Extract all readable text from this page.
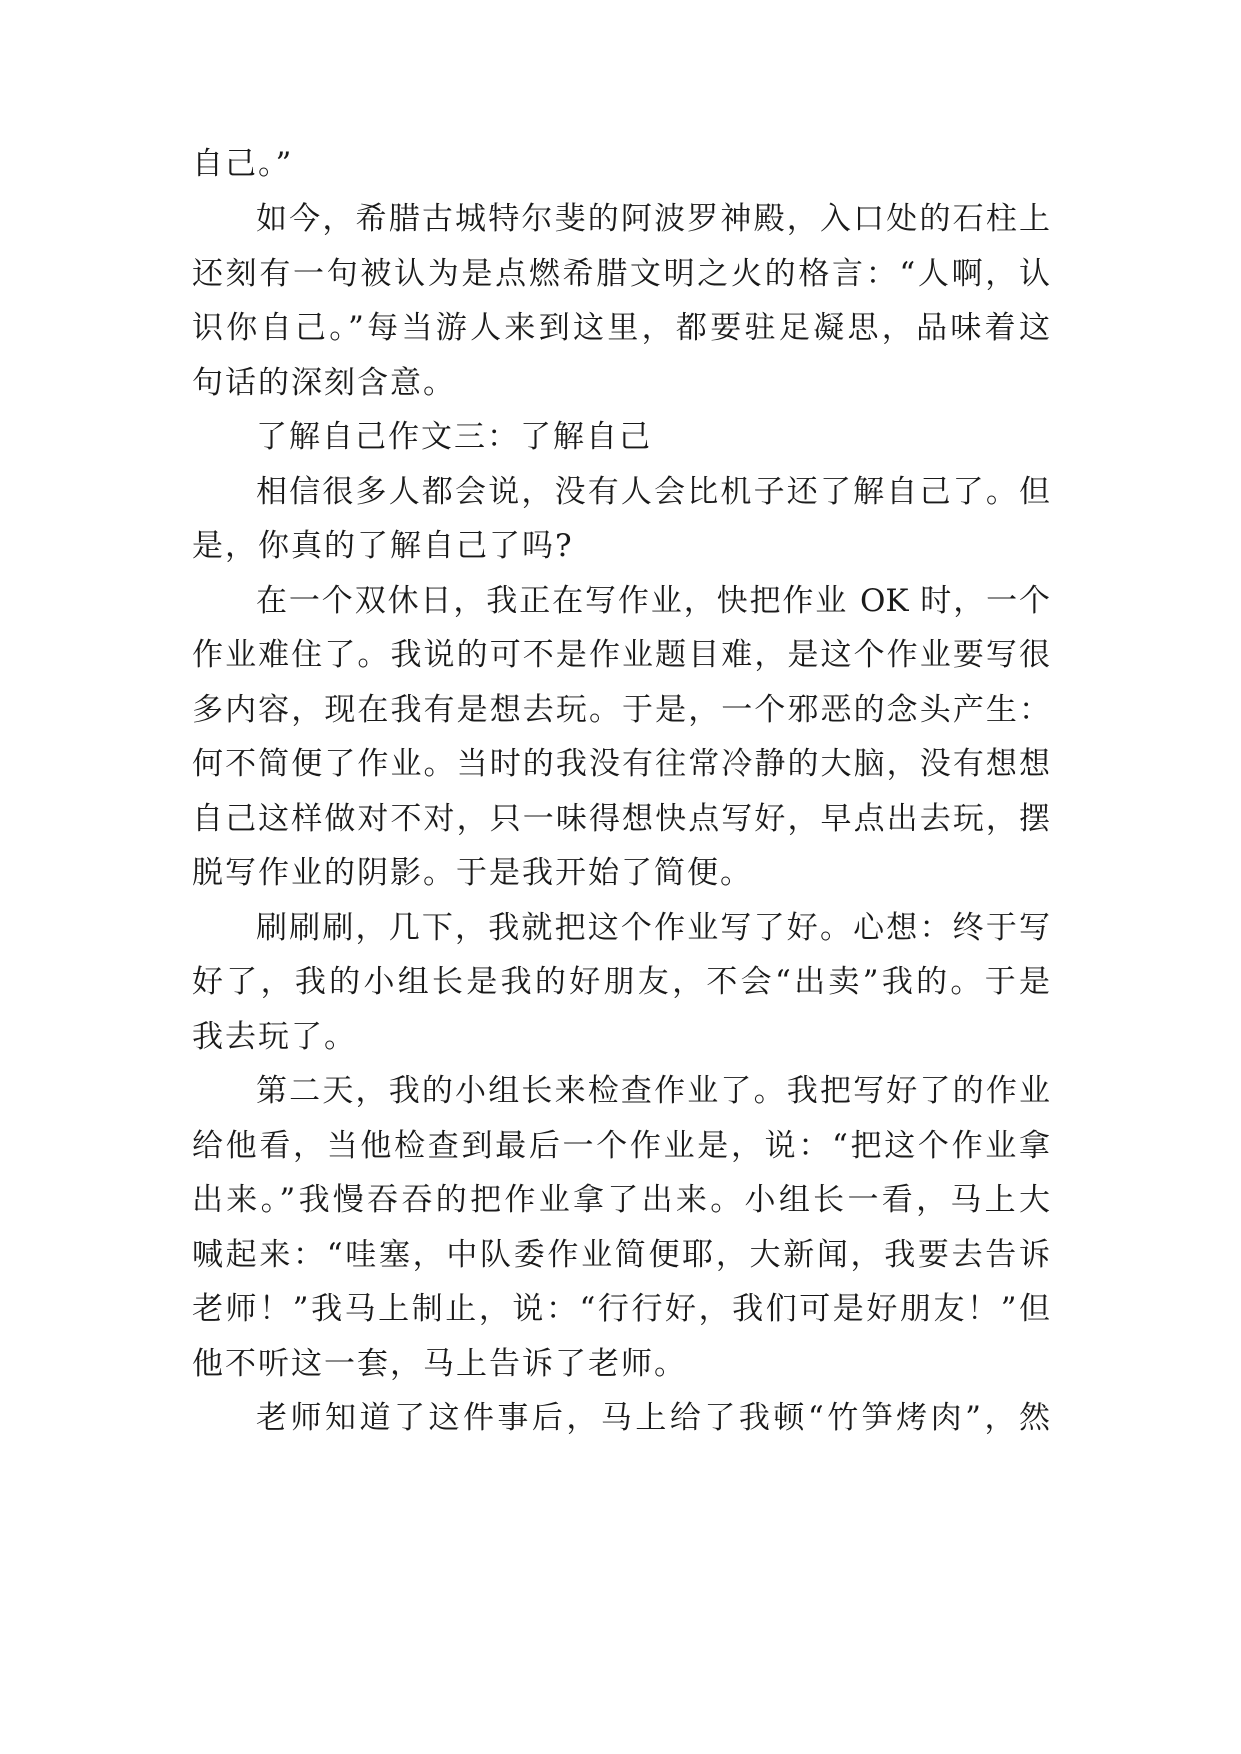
自己。”

如今，希腊古城特尔斐的阿波罗神殿，入口处的石柱上

还刻有一句被认为是点燃希腊文明之火的格言：“人啊，认

识你自己。”每当游人来到这里，都要驻足凝思，品味着这

句话的深刻含意。

了解自己作文三：了解自己

相信很多人都会说，没有人会比机子还了解自己了。但

是，你真的了解自己了吗?

在一个双休日，我正在写作业，快把作业 OK 时，一个

作业难住了。我说的可不是作业题目难，是这个作业要写很

多内容，现在我有是想去玩。于是，一个邪恶的念头产生：

何不简便了作业。当时的我没有往常冷静的大脑，没有想想

自己这样做对不对，只一味得想快点写好，早点出去玩，摆

脱写作业的阴影。于是我开始了简便。

刷刷刷，几下，我就把这个作业写了好。心想：终于写

好了，我的小组长是我的好朋友，不会“出卖”我的。于是

我去玩了。

第二天，我的小组长来检查作业了。我把写好了的作业

给他看，当他检查到最后一个作业是，说：“把这个作业拿

出来。”我慢吞吞的把作业拿了出来。小组长一看，马上大

喊起来：“哇塞，中队委作业简便耶，大新闻，我要去告诉

老师！”我马上制止，说：“行行好，我们可是好朋友！”但

他不听这一套，马上告诉了老师。

老师知道了这件事后，马上给了我顿“竹笋烤肉”，然
